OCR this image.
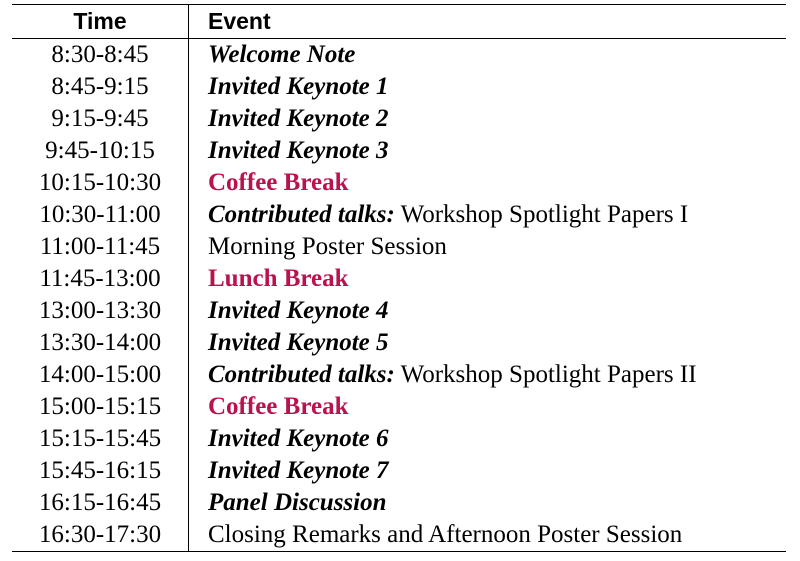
Time	Event
8:30-8:45	Welcome Note
8:45-9:15	Invited Keynote 1
9:15-9:45	Invited Keynote 2
9:45-10:15	Invited Keynote 3
10:15-10:30	Coffee Break
10:30-11:00	Contributed talks: Workshop Spotlight Papers I
11:00-11:45	Morning Poster Session
11:45-13:00	Lunch Break
13:00-13:30	Invited Keynote 4
13:30-14:00	Invited Keynote 5
14:00-15:00	Contributed talks: Workshop Spotlight Papers II
15:00-15:15	Coffee Break
15:15-15:45	Invited Keynote 6
15:45-16:15	Invited Keynote 7
16:15-16:45	Panel Discussion
16:30-17:30	Closing Remarks and Afternoon Poster Session
